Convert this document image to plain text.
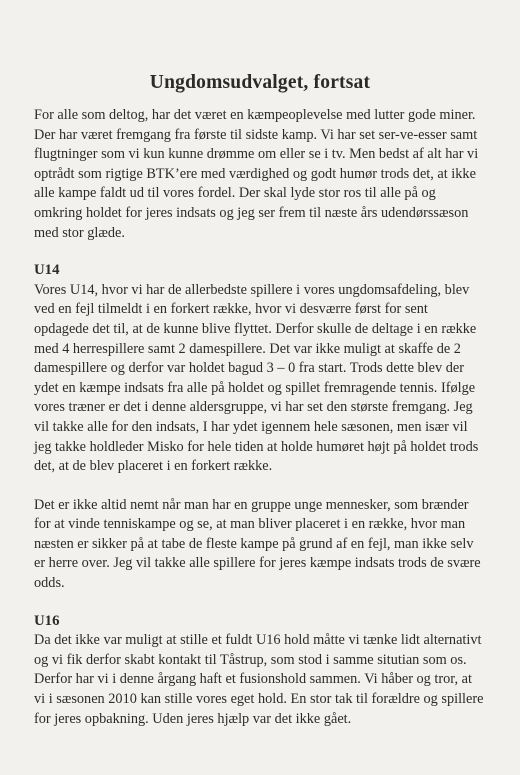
Ungdomsudvalget, fortsat

For alle som deltog, har det været en kæmpeoplevelse med lutter gode miner. Der har været fremgang fra første til sidste kamp. Vi har set ser-ve-esser samt flugtninger som vi kun kunne drømme om eller se i tv. Men bedst af alt har vi optrådt som rigtige BTK’ere med værdighed og godt humør trods det, at ikke alle kampe faldt ud til vores fordel. Der skal lyde stor ros til alle på og omkring holdet for jeres indsats og jeg ser frem til næste års udendørssæson med stor glæde.

U14

Vores U14, hvor vi har de allerbedste spillere i vores ungdomsafdeling, blev ved en fejl tilmeldt i en forkert række, hvor vi desværre først for sent opdagede det til, at de kunne blive flyttet. Derfor skulle de deltage i en række med 4 herrespillere samt 2 damespillere. Det var ikke muligt at skaffe de 2 damespillere og derfor var holdet bagud 3 – 0 fra start. Trods dette blev der ydet en kæmpe indsats fra alle på holdet og spillet fremragende tennis. Ifølge vores træner er det i denne aldersgruppe, vi har set den største fremgang. Jeg vil takke alle for den indsats, I har ydet igennem hele sæsonen, men især vil jeg takke holdleder Misko for hele tiden at holde humøret højt på holdet trods det, at de blev placeret i en forkert række.

Det er ikke altid nemt når man har en gruppe unge mennesker, som brænder for at vinde tenniskampe og se, at man bliver placeret i en række, hvor man næsten er sikker på at tabe de fleste kampe på grund af en fejl, man ikke selv er herre over. Jeg vil takke alle spillere for jeres kæmpe indsats trods de svære odds.

U16

Da det ikke var muligt at stille et fuldt U16 hold måtte vi tænke lidt alternativt og vi fik derfor skabt kontakt til Tåstrup, som stod i samme situtian som os. Derfor har vi i denne årgang haft et fusionshold sammen. Vi håber og tror, at vi i sæsonen 2010 kan stille vores eget hold. En stor tak til forældre og spillere for jeres opbakning. Uden jeres hjælp var det ikke gået.
